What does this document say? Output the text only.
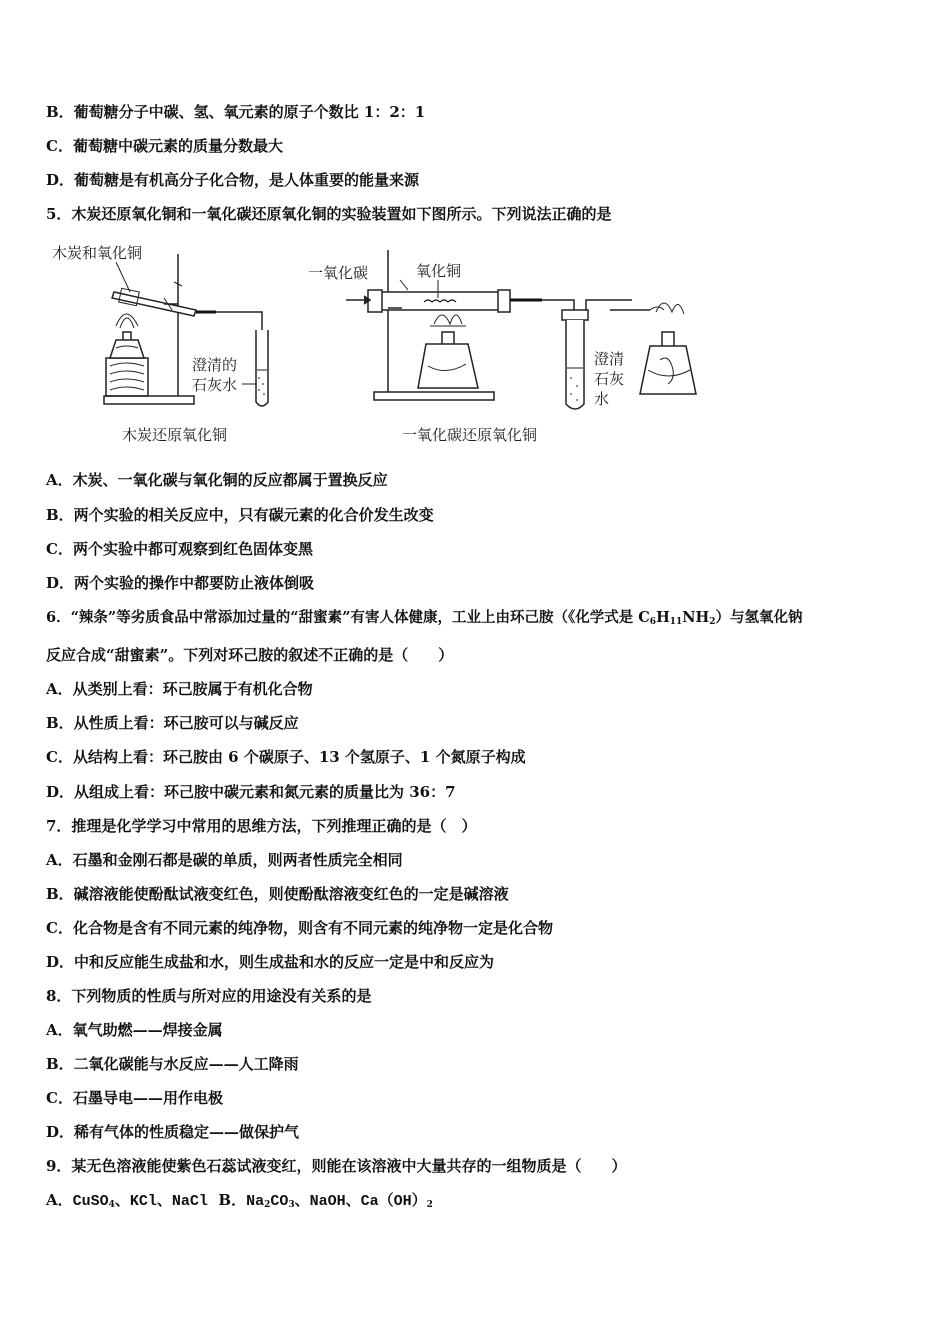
B．葡萄糖分子中碳、氢、氧元素的原子个数比 1：2：1
C．葡萄糖中碳元素的质量分数最大
D．葡萄糖是有机高分子化合物，是人体重要的能量来源
5．木炭还原氧化铜和一氧化碳还原氧化铜的实验装置如下图所示。下列说法正确的是
木炭和氧化铜
澄清的
石灰水
木炭还原氧化铜
一氧化碳	氧化铜
澄清
石灰
水
一氧化碳还原氧化铜
A．木炭、一氧化碳与氧化铜的反应都属于置换反应
B．两个实验的相关反应中，只有碳元素的化合价发生改变
C．两个实验中都可观察到红色固体变黑
D．两个实验的操作中都要防止液体倒吸
6．“辣条”等劣质食品中常添加过量的“甜蜜素”有害人体健康，工业上由环己胺（《化学式是 $C_6H_{11}NH_2$）与氢氧化钠
反应合成“甜蜜素”。下列对环己胺的叙述不正确的是（　　）
A．从类别上看：环己胺属于有机化合物
B．从性质上看：环己胺可以与碱反应
C．从结构上看：环己胺由 6 个碳原子、13 个氢原子、1 个氮原子构成
D．从组成上看：环己胺中碳元素和氮元素的质量比为 36：7
7．推理是化学学习中常用的思维方法，下列推理正确的是（　）
A．石墨和金刚石都是碳的单质，则两者性质完全相同
B．碱溶液能使酚酞试液变红色，则使酚酞溶液变红色的一定是碱溶液
C．化合物是含有不同元素的纯净物，则含有不同元素的纯净物一定是化合物
D．中和反应能生成盐和水，则生成盐和水的反应一定是中和反应为
8．下列物质的性质与所对应的用途没有关系的是
A．氧气助燃——焊接金属
B．二氧化碳能与水反应——人工降雨
C．石墨导电——用作电极
D．稀有气体的性质稳定——做保护气
9．某无色溶液能使紫色石蕊试液变红，则能在该溶液中大量共存的一组物质是（　　）
A．CuSO$_4$、KCl、NaCl B．$Na_2CO_3$、NaOH、$Ca(OH)_2$
